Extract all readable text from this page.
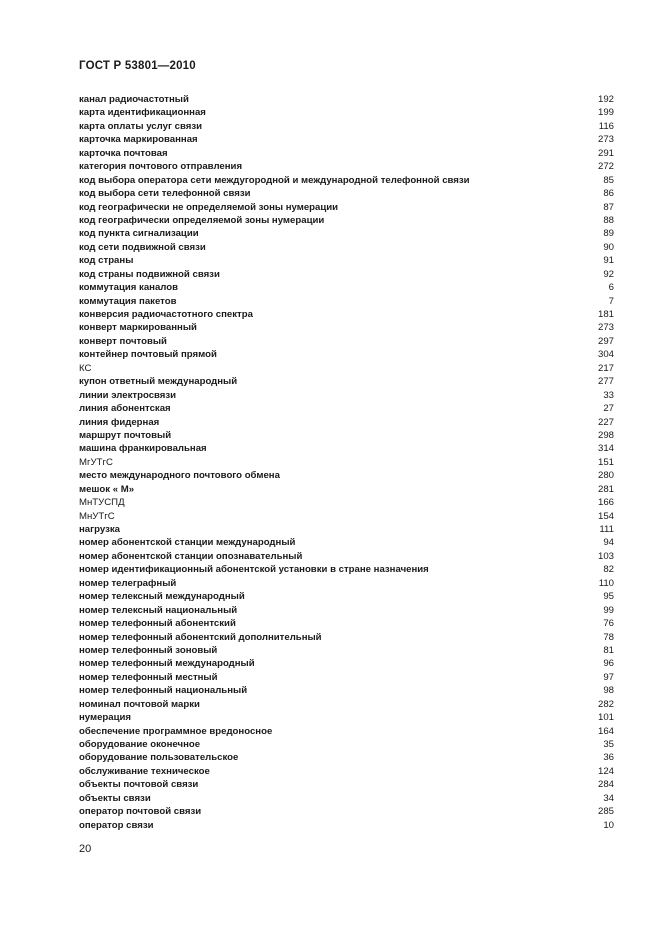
ГОСТ Р 53801—2010
канал радиочастотный	192
карта идентификационная	199
карта оплаты услуг связи	116
карточка маркированная	273
карточка почтовая	291
категория почтового отправления	272
код выбора оператора сети междугородной и международной телефонной связи	85
код выбора сети телефонной связи	86
код географически не определяемой зоны нумерации	87
код географически определяемой зоны нумерации	88
код пункта сигнализации	89
код сети подвижной связи	90
код страны	91
код страны подвижной связи	92
коммутация каналов	6
коммутация пакетов	7
конверсия радиочастотного спектра	181
конверт маркированный	273
конверт почтовый	297
контейнер почтовый прямой	304
КС	217
купон ответный международный	277
линии электросвязи	33
линия абонентская	27
линия фидерная	227
маршрут почтовый	298
машина франкировальная	314
МгУТгС	151
место международного почтового обмена	280
мешок « М»	281
МнТУСПД	166
МнУТгС	154
нагрузка	111
номер абонентской станции международный	94
номер абонентской станции опознавательный	103
номер идентификационный абонентской установки в стране назначения	82
номер телеграфный	110
номер телексный международный	95
номер телексный национальный	99
номер телефонный абонентский	76
номер телефонный абонентский дополнительный	78
номер телефонный зоновый	81
номер телефонный международный	96
номер телефонный местный	97
номер телефонный национальный	98
номинал почтовой марки	282
нумерация	101
обеспечение программное вредоносное	164
оборудование оконечное	35
оборудование пользовательское	36
обслуживание техническое	124
объекты почтовой связи	284
объекты связи	34
оператор почтовой связи	285
оператор связи	10
20
